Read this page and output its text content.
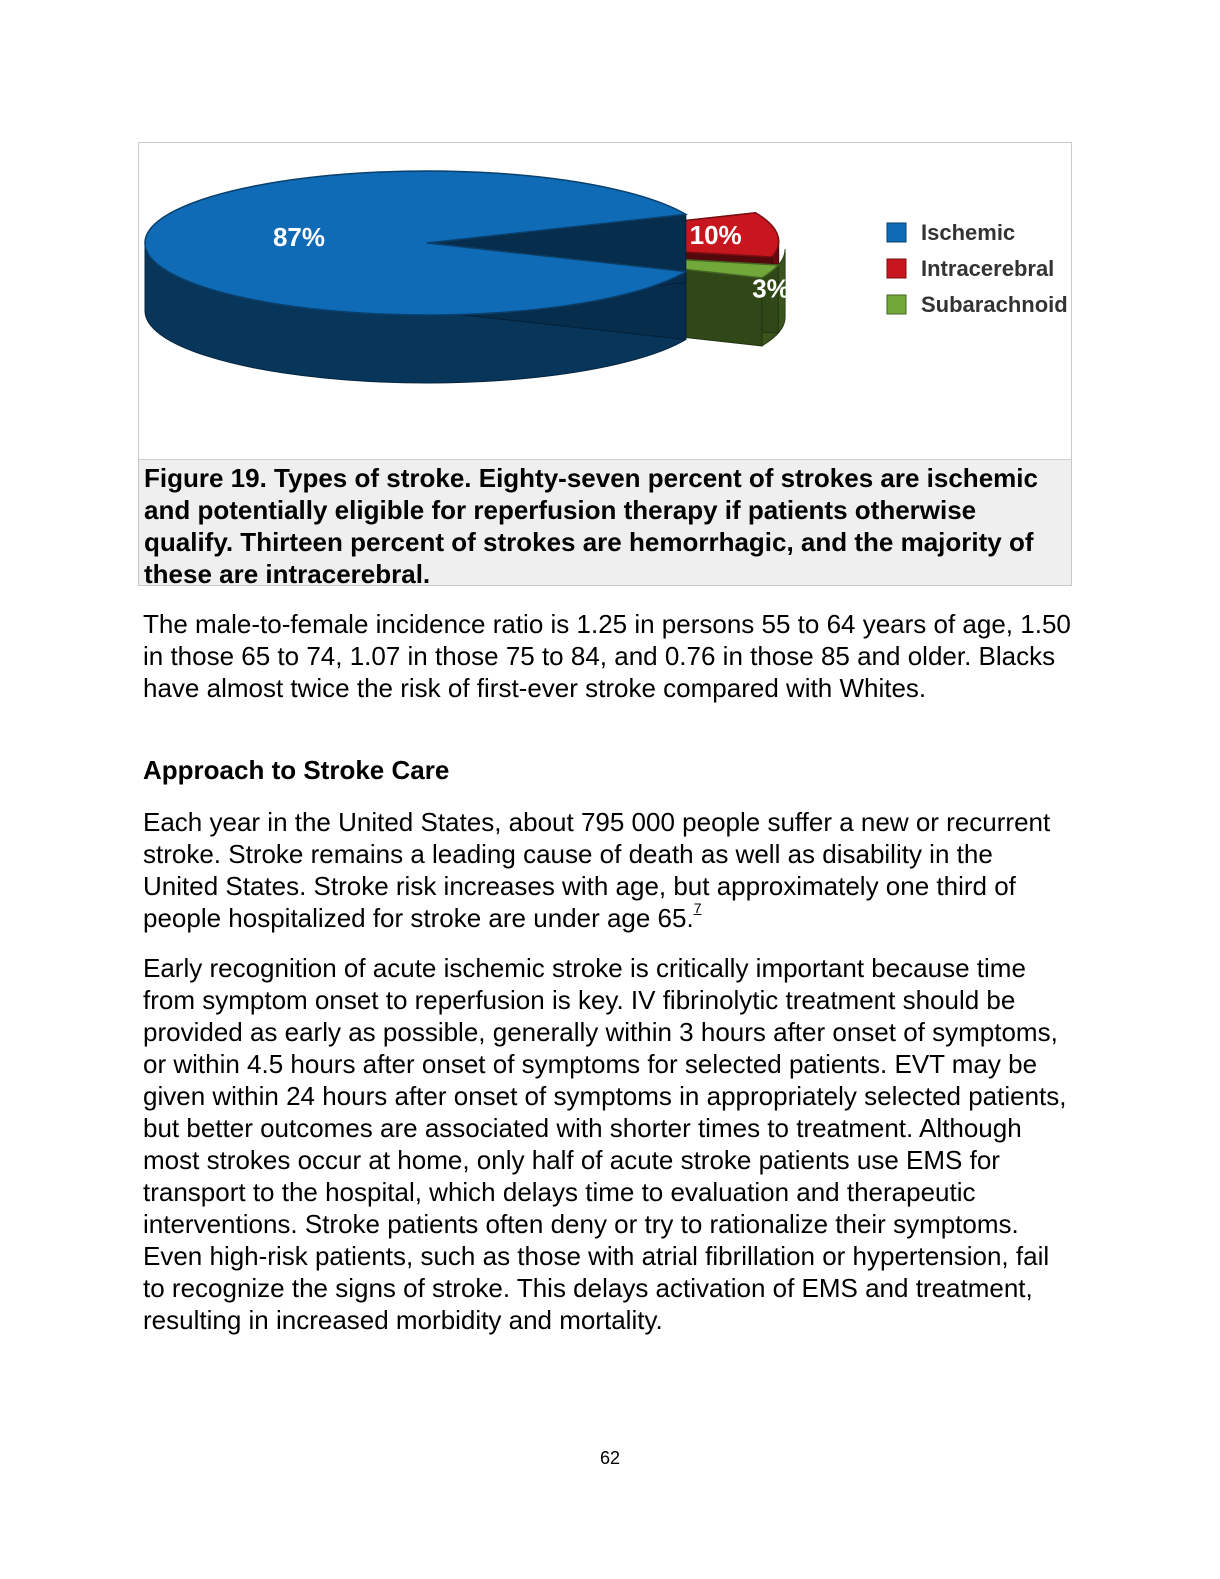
87%	10%
3%
Ischemic
Intracerebral
Subarachnoid
Figure 19. Types of stroke. Eighty-seven percent of strokes are ischemic and potentially eligible for reperfusion therapy if patients otherwise qualify. Thirteen percent of strokes are hemorrhagic, and the majority of these are intracerebral.

The male-to-female incidence ratio is 1.25 in persons 55 to 64 years of age, 1.50 in those 65 to 74, 1.07 in those 75 to 84, and 0.76 in those 85 and older. Blacks have almost twice the risk of first-ever stroke compared with Whites.

Approach to Stroke Care

Each year in the United States, about 795 000 people suffer a new or recurrent stroke. Stroke remains a leading cause of death as well as disability in the United States. Stroke risk increases with age, but approximately one third of people hospitalized for stroke are under age 65.$^7$

Early recognition of acute ischemic stroke is critically important because time from symptom onset to reperfusion is key. IV fibrinolytic treatment should be provided as early as possible, generally within 3 hours after onset of symptoms, or within 4.5 hours after onset of symptoms for selected patients. EVT may be given within 24 hours after onset of symptoms in appropriately selected patients, but better outcomes are associated with shorter times to treatment. Although most strokes occur at home, only half of acute stroke patients use EMS for transport to the hospital, which delays time to evaluation and therapeutic interventions. Stroke patients often deny or try to rationalize their symptoms. Even high-risk patients, such as those with atrial fibrillation or hypertension, fail to recognize the signs of stroke. This delays activation of EMS and treatment, resulting in increased morbidity and mortality.

62
